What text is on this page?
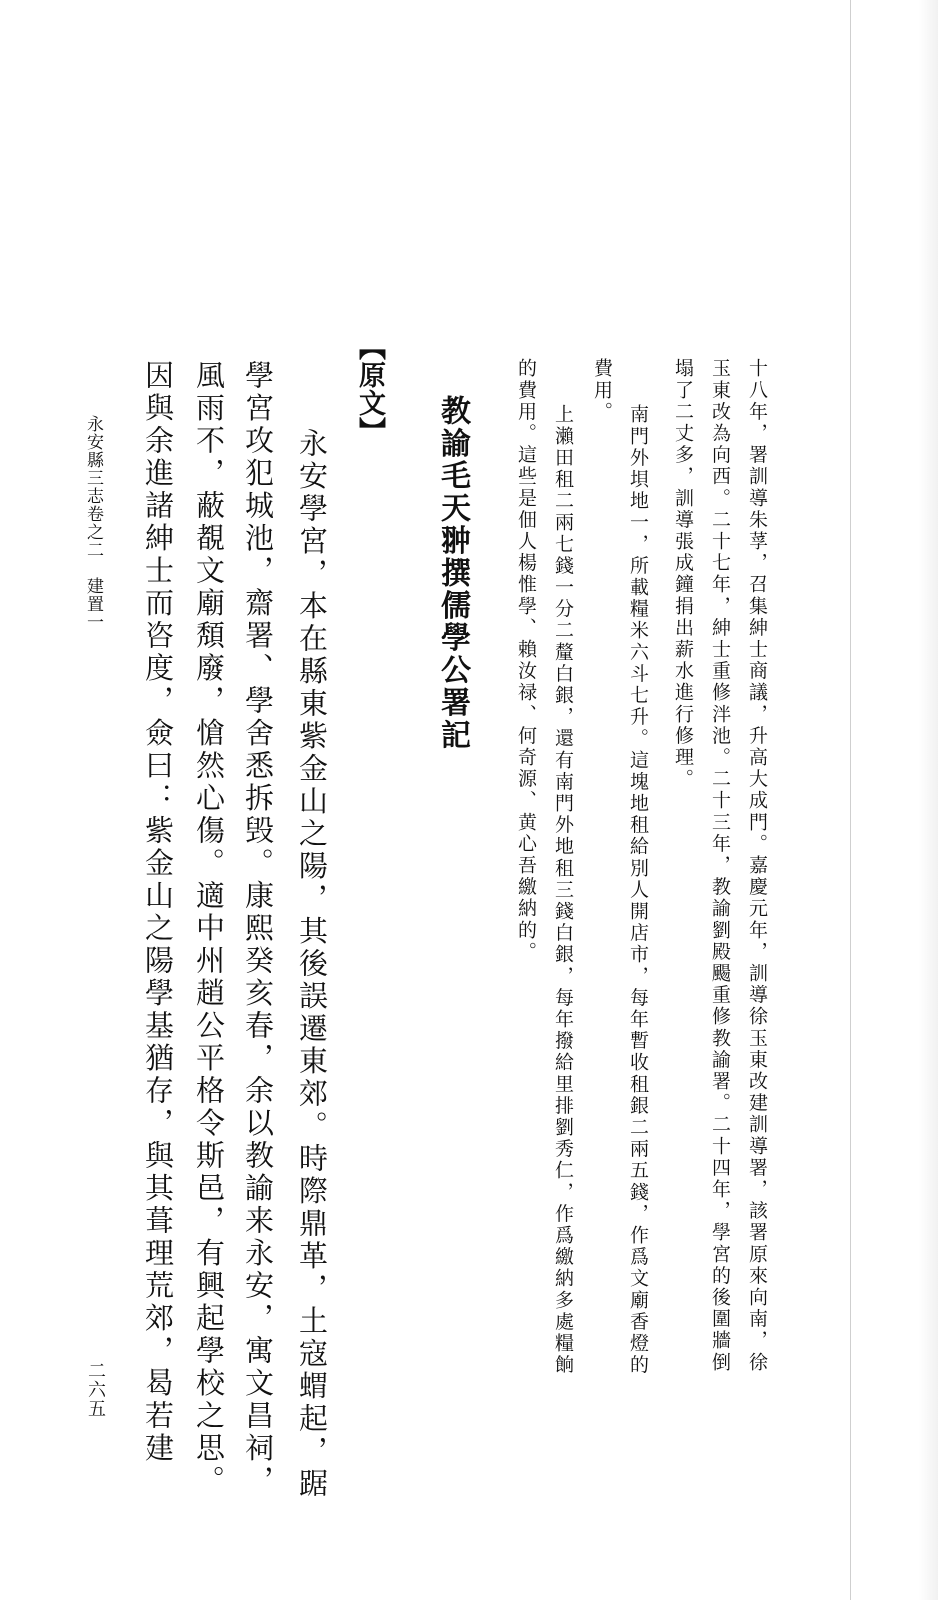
十八年，署訓導朱莩，召集紳士商議，升高大成門。嘉慶元年，訓導徐玉東改建訓導署，該署原來向南，徐
玉東改為向西。二十七年，紳士重修泮池。二十三年，教諭劉殿颺重修教諭署。二十四年，學宮的後圍牆倒
塌了二丈多，訓導張成鐘捐出薪水進行修理。
南門外垻地一，所載糧米六斗七升。這塊地租給別人開店市，每年暫收租銀二兩五錢，作爲文廟香燈的
費用。
上瀨田租二兩七錢一分二釐白銀，還有南門外地租三錢白銀，每年撥給里排劉秀仁，作爲繳納多處糧餉
的費用。這些是佃人楊惟學、賴汝禄、何奇源、黄心吾繳納的。
教諭毛天翀撰儒學公署記
【原文】
永安學宮，本在縣東紫金山之陽，其後誤遷東郊。時際鼎革，土寇蝟起，踞
學宮攻犯城池，齋署、學舍悉拆毁。康熙癸亥春，余以教諭来永安，寓文昌祠，
風雨不，蔽覩文廟頽廢，愴然心傷。適中州趙公平格令斯邑，有興起學校之思。
因與余進諸紳士而咨度，僉曰：紫金山之陽學基猶存，與其葺理荒郊，曷若建
永安縣三志卷之二　建置一
二六五
